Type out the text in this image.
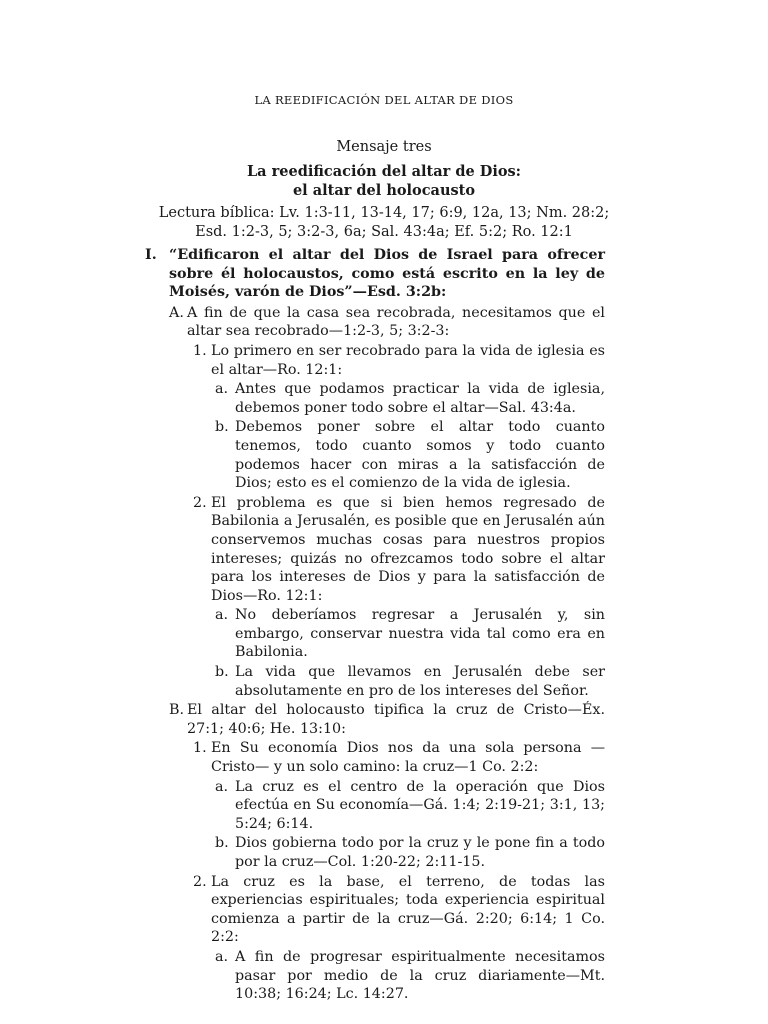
LA REEDIFICACIÓN DEL ALTAR DE DIOS
Mensaje tres
La reedificación del altar de Dios:
el altar del holocausto
Lectura bíblica: Lv. 1:3-11, 13-14, 17; 6:9, 12a, 13; Nm. 28:2;
Esd. 1:2-3, 5; 3:2-3, 6a; Sal. 43:4a; Ef. 5:2; Ro. 12:1
I. “Edificaron el altar del Dios de Israel para ofrecer sobre él holocaustos, como está escrito en la ley de Moisés, varón de Dios”—Esd. 3:2b:
A. A fin de que la casa sea recobrada, necesitamos que el altar sea recobrado—1:2-3, 5; 3:2-3:
1. Lo primero en ser recobrado para la vida de iglesia es el altar—Ro. 12:1:
a. Antes que podamos practicar la vida de iglesia, debemos poner todo sobre el altar—Sal. 43:4a.
b. Debemos poner sobre el altar todo cuanto tenemos, todo cuanto somos y todo cuanto podemos hacer con miras a la satisfacción de Dios; esto es el comienzo de la vida de iglesia.
2. El problema es que si bien hemos regresado de Babilonia a Jerusalén, es posible que en Jerusalén aún conservemos muchas cosas para nuestros propios intereses; quizás no ofrezcamos todo sobre el altar para los intereses de Dios y para la satisfacción de Dios—Ro. 12:1:
a. No deberíamos regresar a Jerusalén y, sin embargo, conservar nuestra vida tal como era en Babilonia.
b. La vida que llevamos en Jerusalén debe ser absolutamente en pro de los intereses del Señor.
B. El altar del holocausto tipifica la cruz de Cristo—Éx. 27:1; 40:6; He. 13:10:
1. En Su economía Dios nos da una sola persona —Cristo— y un solo camino: la cruz—1 Co. 2:2:
a. La cruz es el centro de la operación que Dios efectúa en Su economía—Gá. 1:4; 2:19-21; 3:1, 13; 5:24; 6:14.
b. Dios gobierna todo por la cruz y le pone fin a todo por la cruz—Col. 1:20-22; 2:11-15.
2. La cruz es la base, el terreno, de todas las experiencias espirituales; toda experiencia espiritual comienza a partir de la cruz—Gá. 2:20; 6:14; 1 Co. 2:2:
a. A fin de progresar espiritualmente necesitamos pasar por medio de la cruz diariamente—Mt. 10:38; 16:24; Lc. 14:27.
